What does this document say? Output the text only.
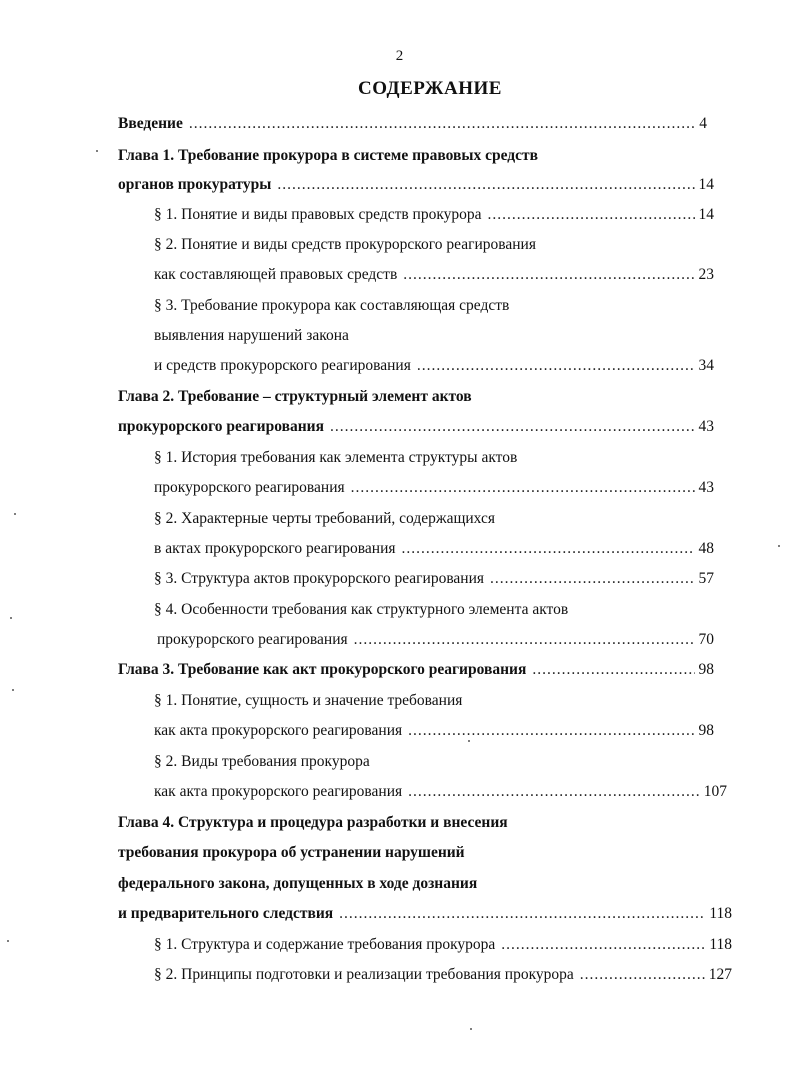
2
СОДЕРЖАНИЕ
Введение .....	4
Глава 1. Требование прокурора в системе правовых средств
органов прокуратуры .....	14
§ 1. Понятие и виды правовых средств прокурора .....	14
§ 2. Понятие и виды средств прокурорского реагирования
как составляющей правовых средств .....	23
§ 3. Требование прокурора как составляющая средств
выявления нарушений закона
и средств прокурорского реагирования .....	34
Глава 2. Требование – структурный элемент актов
прокурорского реагирования .....	43
§ 1. История требования как элемента структуры актов
прокурорского реагирования .....	43
§ 2. Характерные черты требований, содержащихся
в актах прокурорского реагирования .....	48
§ 3. Структура актов прокурорского реагирования .....	57
§ 4. Особенности требования как структурного элемента актов
прокурорского реагирования .....	70
Глава 3. Требование как акт прокурорского реагирования .....	98
§ 1. Понятие, сущность и значение требования
как акта прокурорского реагирования .....	98
§ 2. Виды требования прокурора
как акта прокурорского реагирования .....	107
Глава 4. Структура и процедура разработки и внесения
требования прокурора об устранении нарушений
федерального закона, допущенных в ходе дознания
и предварительного следствия .....	118
§ 1. Структура и содержание требования прокурора .....	118
§ 2. Принципы подготовки и реализации требования прокурора .....	127
